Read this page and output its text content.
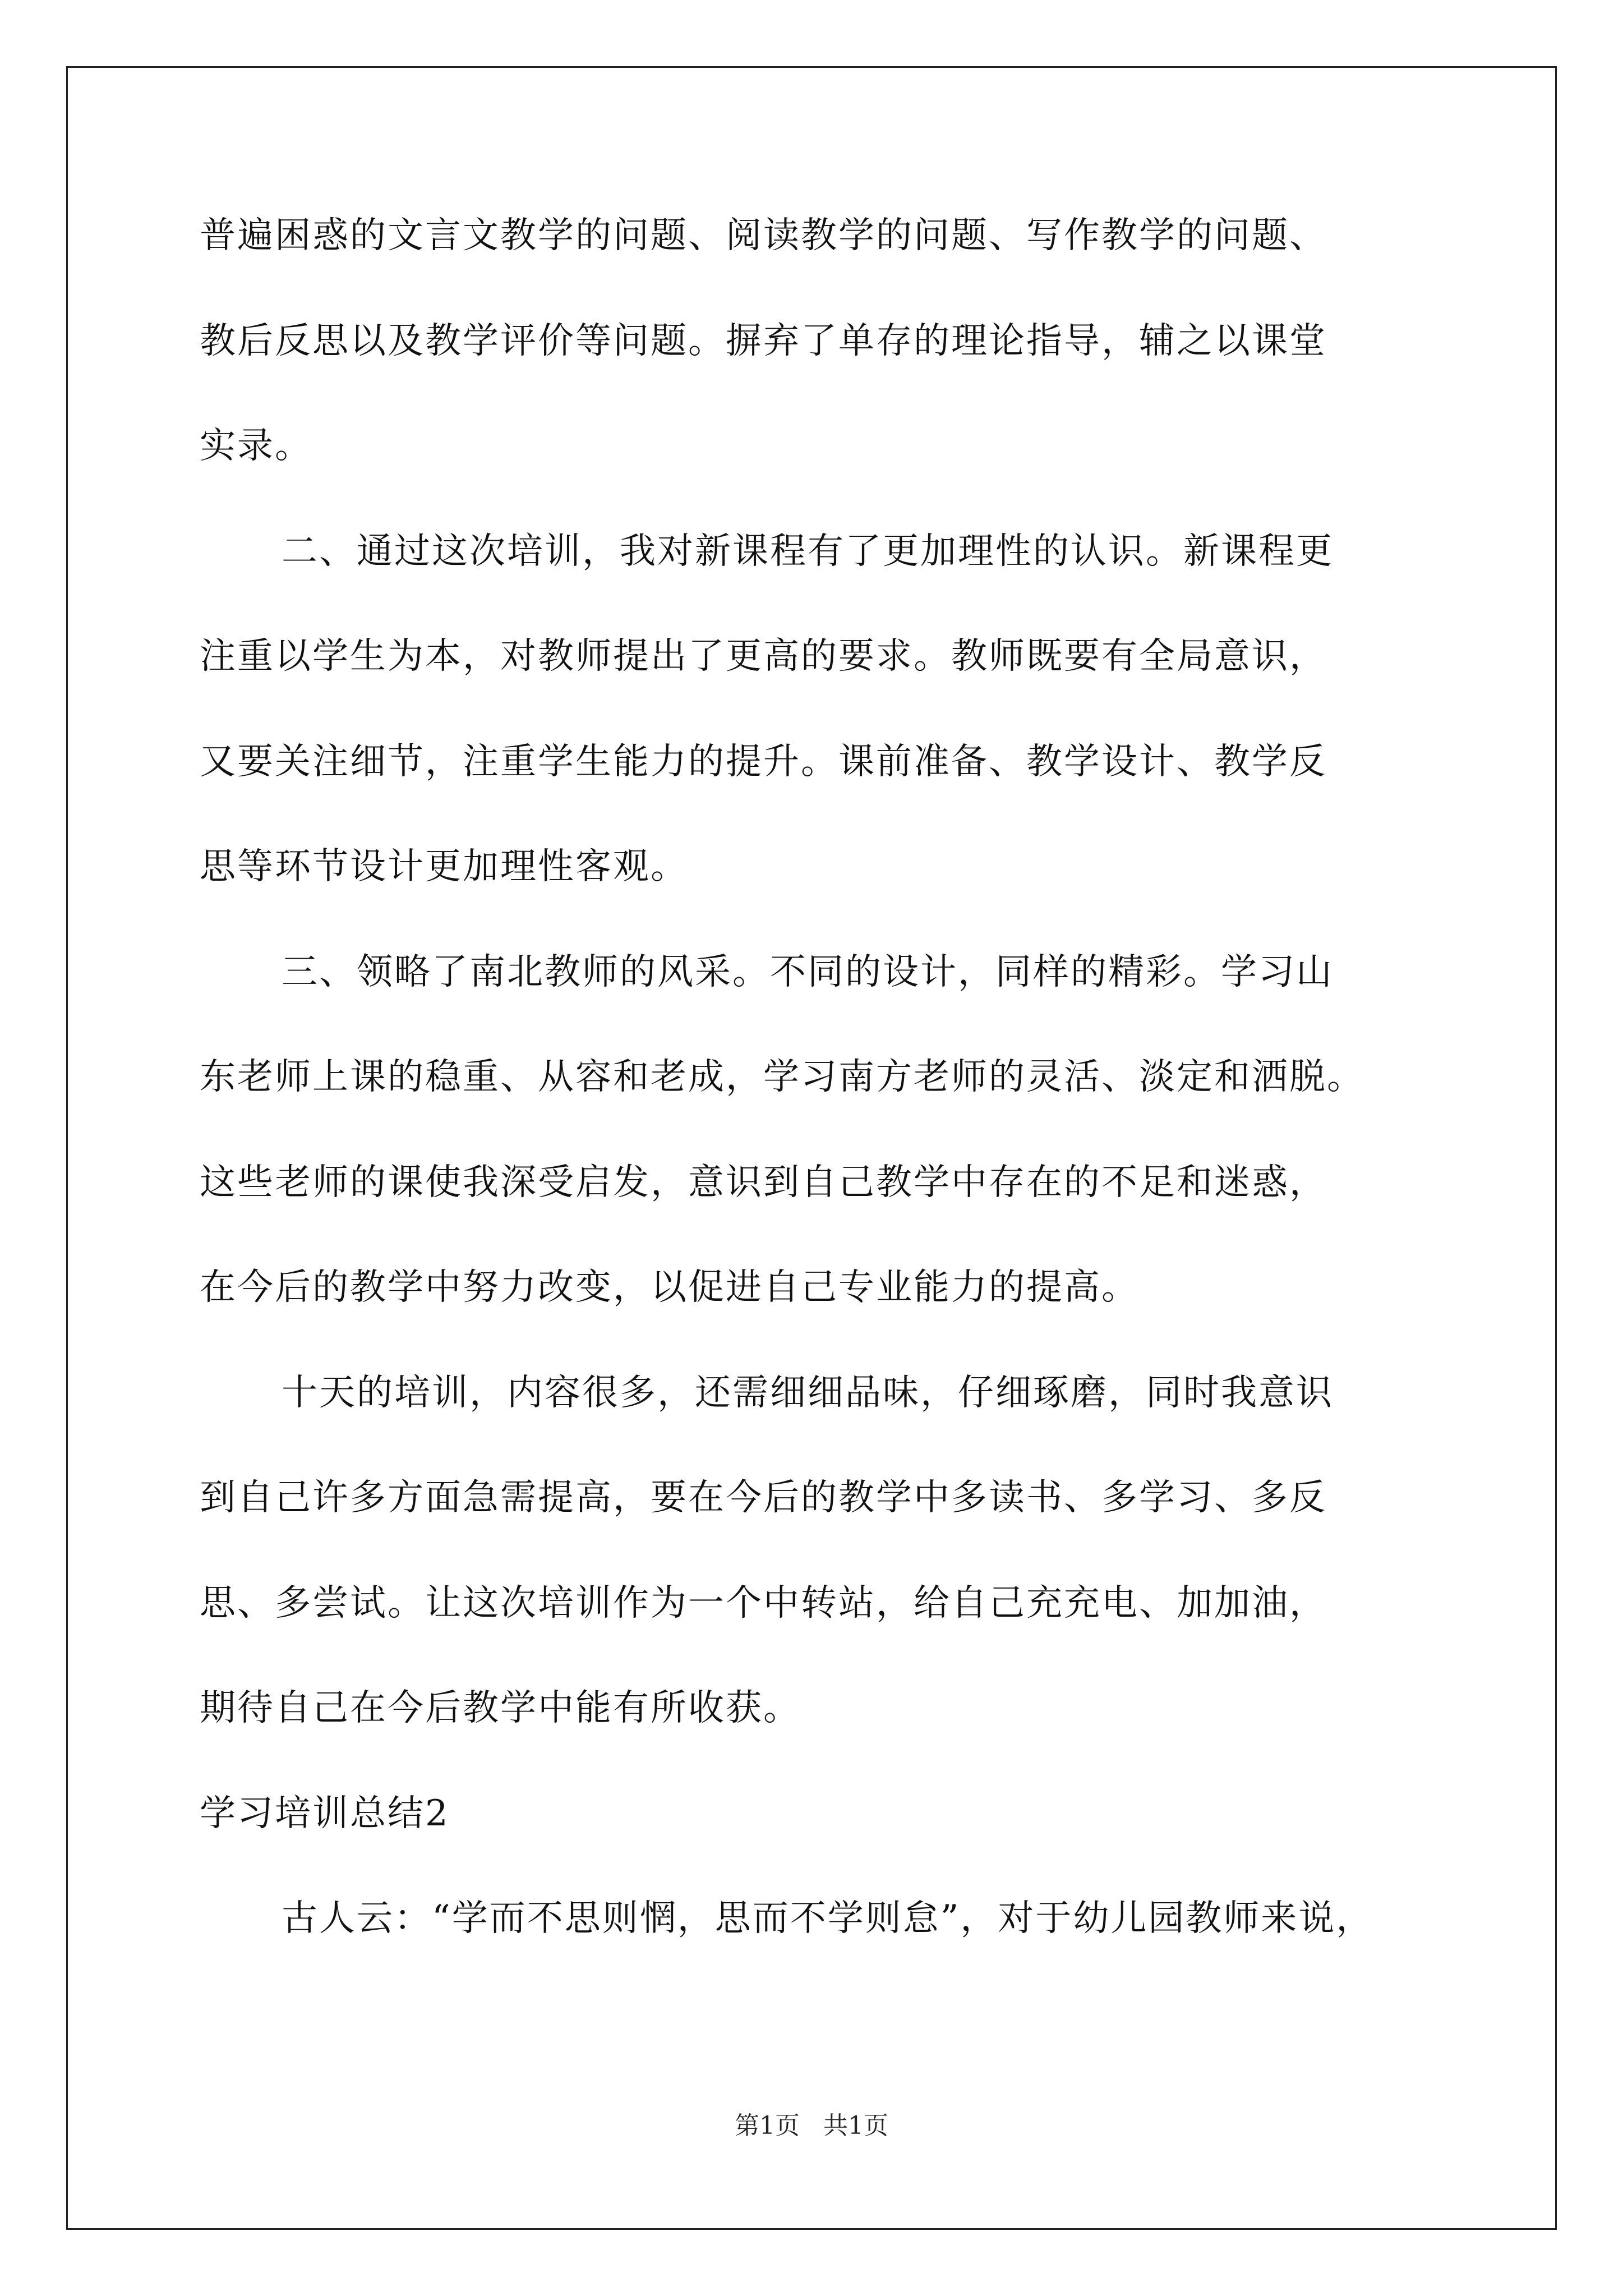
普遍困惑的文言文教学的问题、阅读教学的问题、写作教学的问题、
教后反思以及教学评价等问题。摒弃了单存的理论指导，辅之以课堂
实录。
二、通过这次培训，我对新课程有了更加理性的认识。新课程更
注重以学生为本，对教师提出了更高的要求。教师既要有全局意识，
又要关注细节，注重学生能力的提升。课前准备、教学设计、教学反
思等环节设计更加理性客观。
三、领略了南北教师的风采。不同的设计，同样的精彩。学习山
东老师上课的稳重、从容和老成，学习南方老师的灵活、淡定和洒脱。
这些老师的课使我深受启发，意识到自己教学中存在的不足和迷惑，
在今后的教学中努力改变，以促进自己专业能力的提高。
十天的培训，内容很多，还需细细品味，仔细琢磨，同时我意识
到自己许多方面急需提高，要在今后的教学中多读书、多学习、多反
思、多尝试。让这次培训作为一个中转站，给自己充充电、加加油，
期待自己在今后教学中能有所收获。
学习培训总结2
古人云：“学而不思则惘，思而不学则怠”，对于幼儿园教师来说，
第1页 共1页
